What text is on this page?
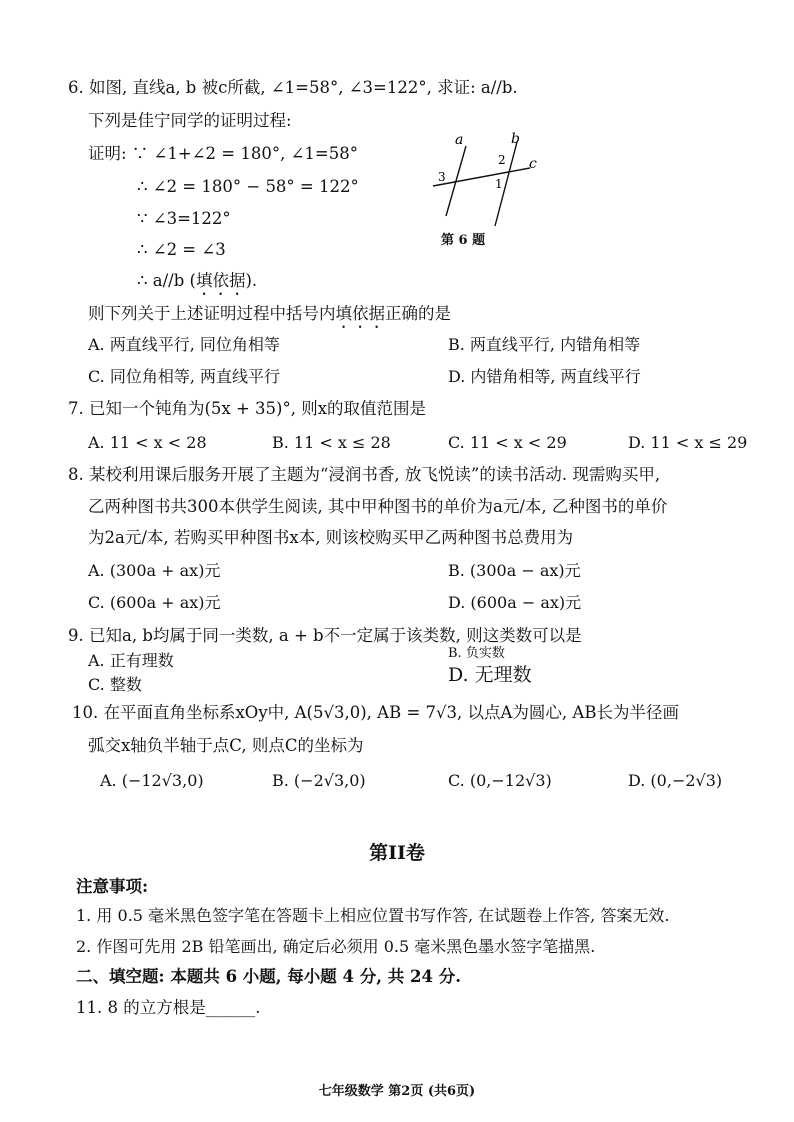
6. 如图, 直线a, b 被c所截, ∠1=58°, ∠3=122°, 求证: a//b.
下列是佳宁同学的证明过程:
证明: ∵ ∠1+∠2 = 180°, ∠1=58°
∴ ∠2 = 180° − 58° = 122°
∵ ∠3=122°
∴ ∠2 = ∠3
∴ a//b (填依据).
a	b
c
1
2
3
第 6 题
则下列关于上述证明过程中括号内填依据正确的是
A. 两直线平行, 同位角相等	B. 两直线平行, 内错角相等
C. 同位角相等, 两直线平行	D. 内错角相等, 两直线平行
7. 已知一个钝角为(5x + 35)°, 则x的取值范围是
A. 11 < x < 28	B. 11 < x ≤ 28	C. 11 < x < 29	D. 11 < x ≤ 29
8. 某校利用课后服务开展了主题为“浸润书香, 放飞悦读”的读书活动. 现需购买甲,
乙两种图书共300本供学生阅读, 其中甲种图书的单价为a元/本, 乙种图书的单价
为2a元/本, 若购买甲种图书x本, 则该校购买甲乙两种图书总费用为
A. (300a + ax)元	B. (300a − ax)元
C. (600a + ax)元	D. (600a − ax)元
9. 已知a, b均属于同一类数, a + b不一定属于该类数, 则这类数可以是
A. 正有理数	B. 负实数
C. 整数	D. 无理数
10. 在平面直角坐标系xOy中, A(5√3,0), AB = 7√3, 以点A为圆心, AB长为半径画
弧交x轴负半轴于点C, 则点C的坐标为
A. (−12√3,0)	B. (−2√3,0)	C. (0,−12√3)	D. (0,−2√3)
第II卷
注意事项:
1. 用 0.5 毫米黑色签字笔在答题卡上相应位置书写作答, 在试题卷上作答, 答案无效.
2. 作图可先用 2B 铅笔画出, 确定后必须用 0.5 毫米黑色墨水签字笔描黑.
二、填空题: 本题共 6 小题, 每小题 4 分, 共 24 分.
11. 8 的立方根是______.
七年级数学 第2页 (共6页)
